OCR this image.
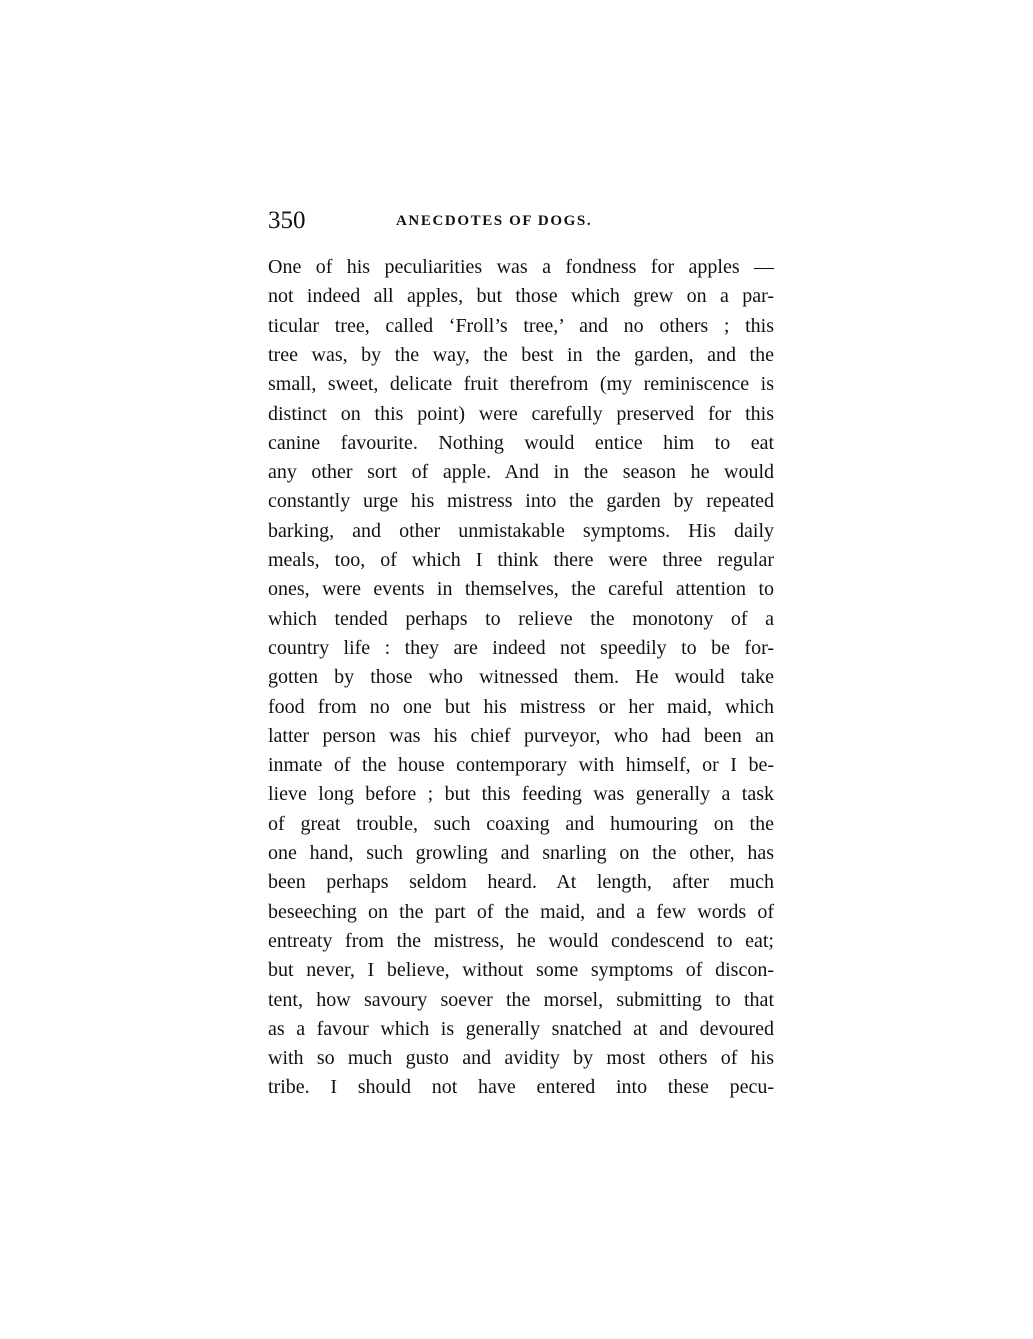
350	ANECDOTES OF DOGS.
One of his peculiarities was a fondness for apples —
not indeed all apples, but those which grew on a par-
ticular tree, called ‘Froll’s tree,’ and no others ; this
tree was, by the way, the best in the garden, and the
small, sweet, delicate fruit therefrom (my reminiscence is
distinct on this point) were carefully preserved for this
canine favourite. Nothing would entice him to eat
any other sort of apple. And in the season he would
constantly urge his mistress into the garden by repeated
barking, and other unmistakable symptoms. His daily
meals, too, of which I think there were three regular
ones, were events in themselves, the careful attention to
which tended perhaps to relieve the monotony of a
country life : they are indeed not speedily to be for-
gotten by those who witnessed them. He would take
food from no one but his mistress or her maid, which
latter person was his chief purveyor, who had been an
inmate of the house contemporary with himself, or I be-
lieve long before ; but this feeding was generally a task
of great trouble, such coaxing and humouring on the
one hand, such growling and snarling on the other, has
been perhaps seldom heard. At length, after much
beseeching on the part of the maid, and a few words of
entreaty from the mistress, he would condescend to eat;
but never, I believe, without some symptoms of discon-
tent, how savoury soever the morsel, submitting to that
as a favour which is generally snatched at and devoured
with so much gusto and avidity by most others of his
tribe. I should not have entered into these pecu-
